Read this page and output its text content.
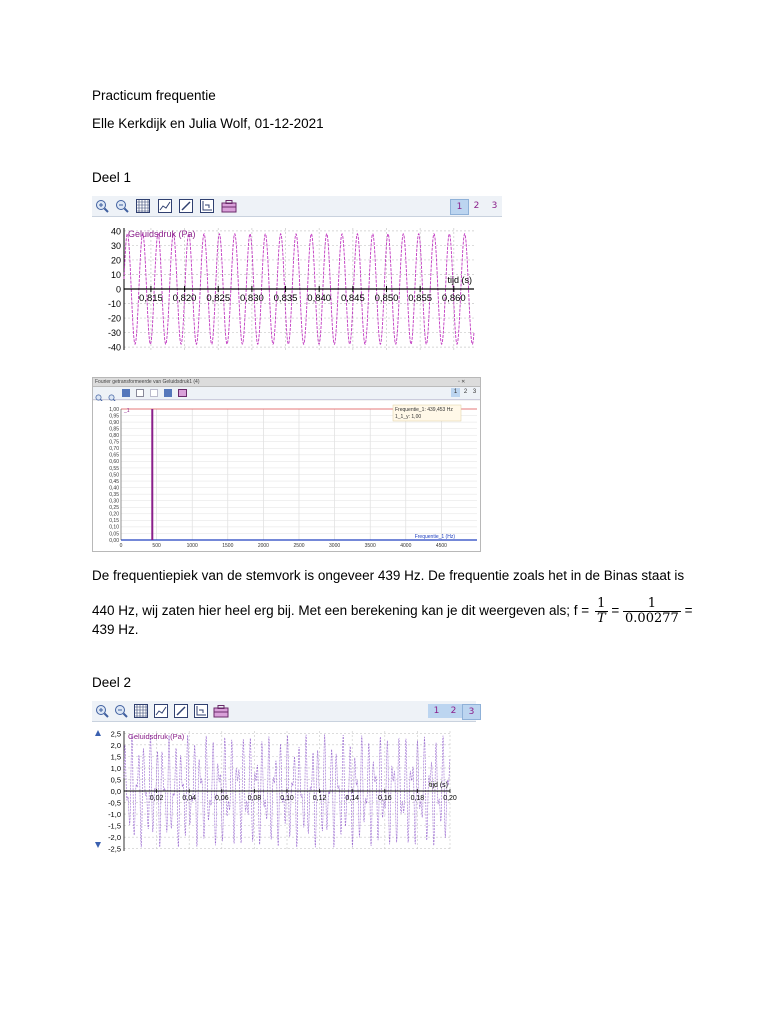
Practicum frequentie
Elle Kerkdijk en Julia Wolf, 01-12-2021
Deel 1
1	2	3
40
30
20
10
0
-10
-20
-30
-40
0,815 0,820 0,825 0,830 0,835 0,840 0,845 0,850 0,855 0,860
Geluidsdruk (Pa)
tijd (s)
Fourier getransformeerde van Geluidsdruk1 (4)	▫ ✕
1	2 3
0	500	1000	1500	2000	2500	3000	3500	4000	4500
1,00
0,95
0,90
0,85
0,80
0,75
0,70
0,65
0,60
0,55
0,50
0,45
0,40
0,35
0,30
0,25
0,20
0,15
0,10
0,05
0,00
Frequentie_1: 439,453 Hz
1_1_y: 1,00
_1
Frequentie_1 (Hz)
De frequentiepiek van de stemvork is ongeveer 439 Hz. De frequentie zoals het in de Binas staat is
440 Hz, wij zaten hier heel erg bij. Met een berekening kan je dit weergeven als; $f = \frac{1}{T} = \frac{1}{0.00277}$ =
439 Hz.
Deel 2
1	2	3
2,5
2,0
1,5
1,0
0,5
0,0
-0,5
-1,0
-1,5
-2,0
-2,5
0,02	0,04	0,06	0,08	0,10	0,12	0,14	0,16	0,18	0,20
Geluidsdruk (Pa)
tijd (s)
